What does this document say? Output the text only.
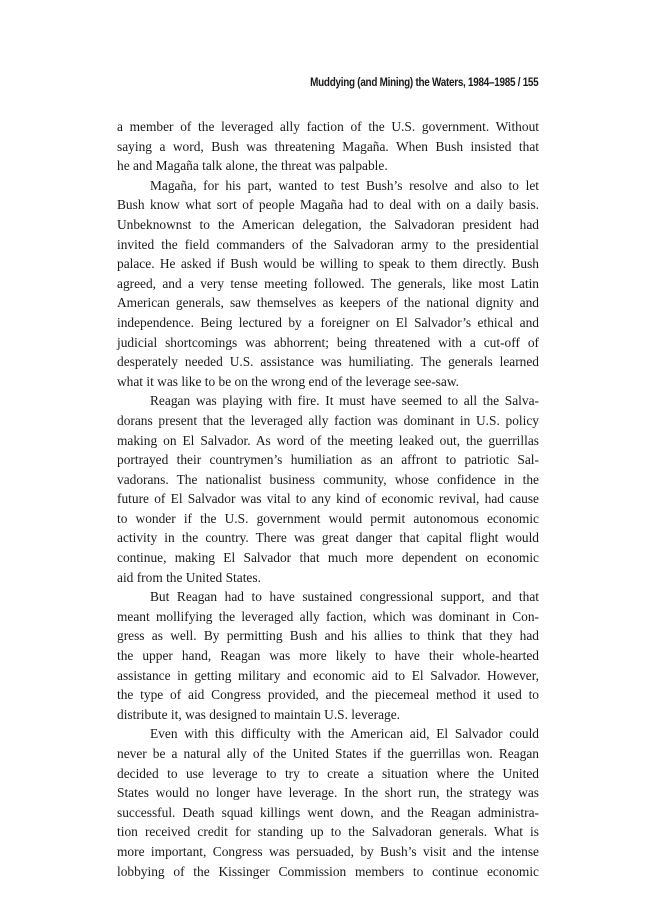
Muddying (and Mining) the Waters, 1984–1985 / 155

a member of the leveraged ally faction of the U.S. government. Without
saying a word, Bush was threatening Magaña. When Bush insisted that
he and Magaña talk alone, the threat was palpable.

Magaña, for his part, wanted to test Bush’s resolve and also to let
Bush know what sort of people Magaña had to deal with on a daily basis.
Unbeknownst to the American delegation, the Salvadoran president had
invited the field commanders of the Salvadoran army to the presidential
palace. He asked if Bush would be willing to speak to them directly. Bush
agreed, and a very tense meeting followed. The generals, like most Latin
American generals, saw themselves as keepers of the national dignity and
independence. Being lectured by a foreigner on El Salvador’s ethical and
judicial shortcomings was abhorrent; being threatened with a cut-off of
desperately needed U.S. assistance was humiliating. The generals learned
what it was like to be on the wrong end of the leverage see-saw.

Reagan was playing with fire. It must have seemed to all the Salva-
dorans present that the leveraged ally faction was dominant in U.S. policy
making on El Salvador. As word of the meeting leaked out, the guerrillas
portrayed their countrymen’s humiliation as an affront to patriotic Sal-
vadorans. The nationalist business community, whose confidence in the
future of El Salvador was vital to any kind of economic revival, had cause
to wonder if the U.S. government would permit autonomous economic
activity in the country. There was great danger that capital flight would
continue, making El Salvador that much more dependent on economic
aid from the United States.

But Reagan had to have sustained congressional support, and that
meant mollifying the leveraged ally faction, which was dominant in Con-
gress as well. By permitting Bush and his allies to think that they had
the upper hand, Reagan was more likely to have their whole-hearted
assistance in getting military and economic aid to El Salvador. However,
the type of aid Congress provided, and the piecemeal method it used to
distribute it, was designed to maintain U.S. leverage.

Even with this difficulty with the American aid, El Salvador could
never be a natural ally of the United States if the guerrillas won. Reagan
decided to use leverage to try to create a situation where the United
States would no longer have leverage. In the short run, the strategy was
successful. Death squad killings went down, and the Reagan administra-
tion received credit for standing up to the Salvadoran generals. What is
more important, Congress was persuaded, by Bush’s visit and the intense
lobbying of the Kissinger Commission members to continue economic
